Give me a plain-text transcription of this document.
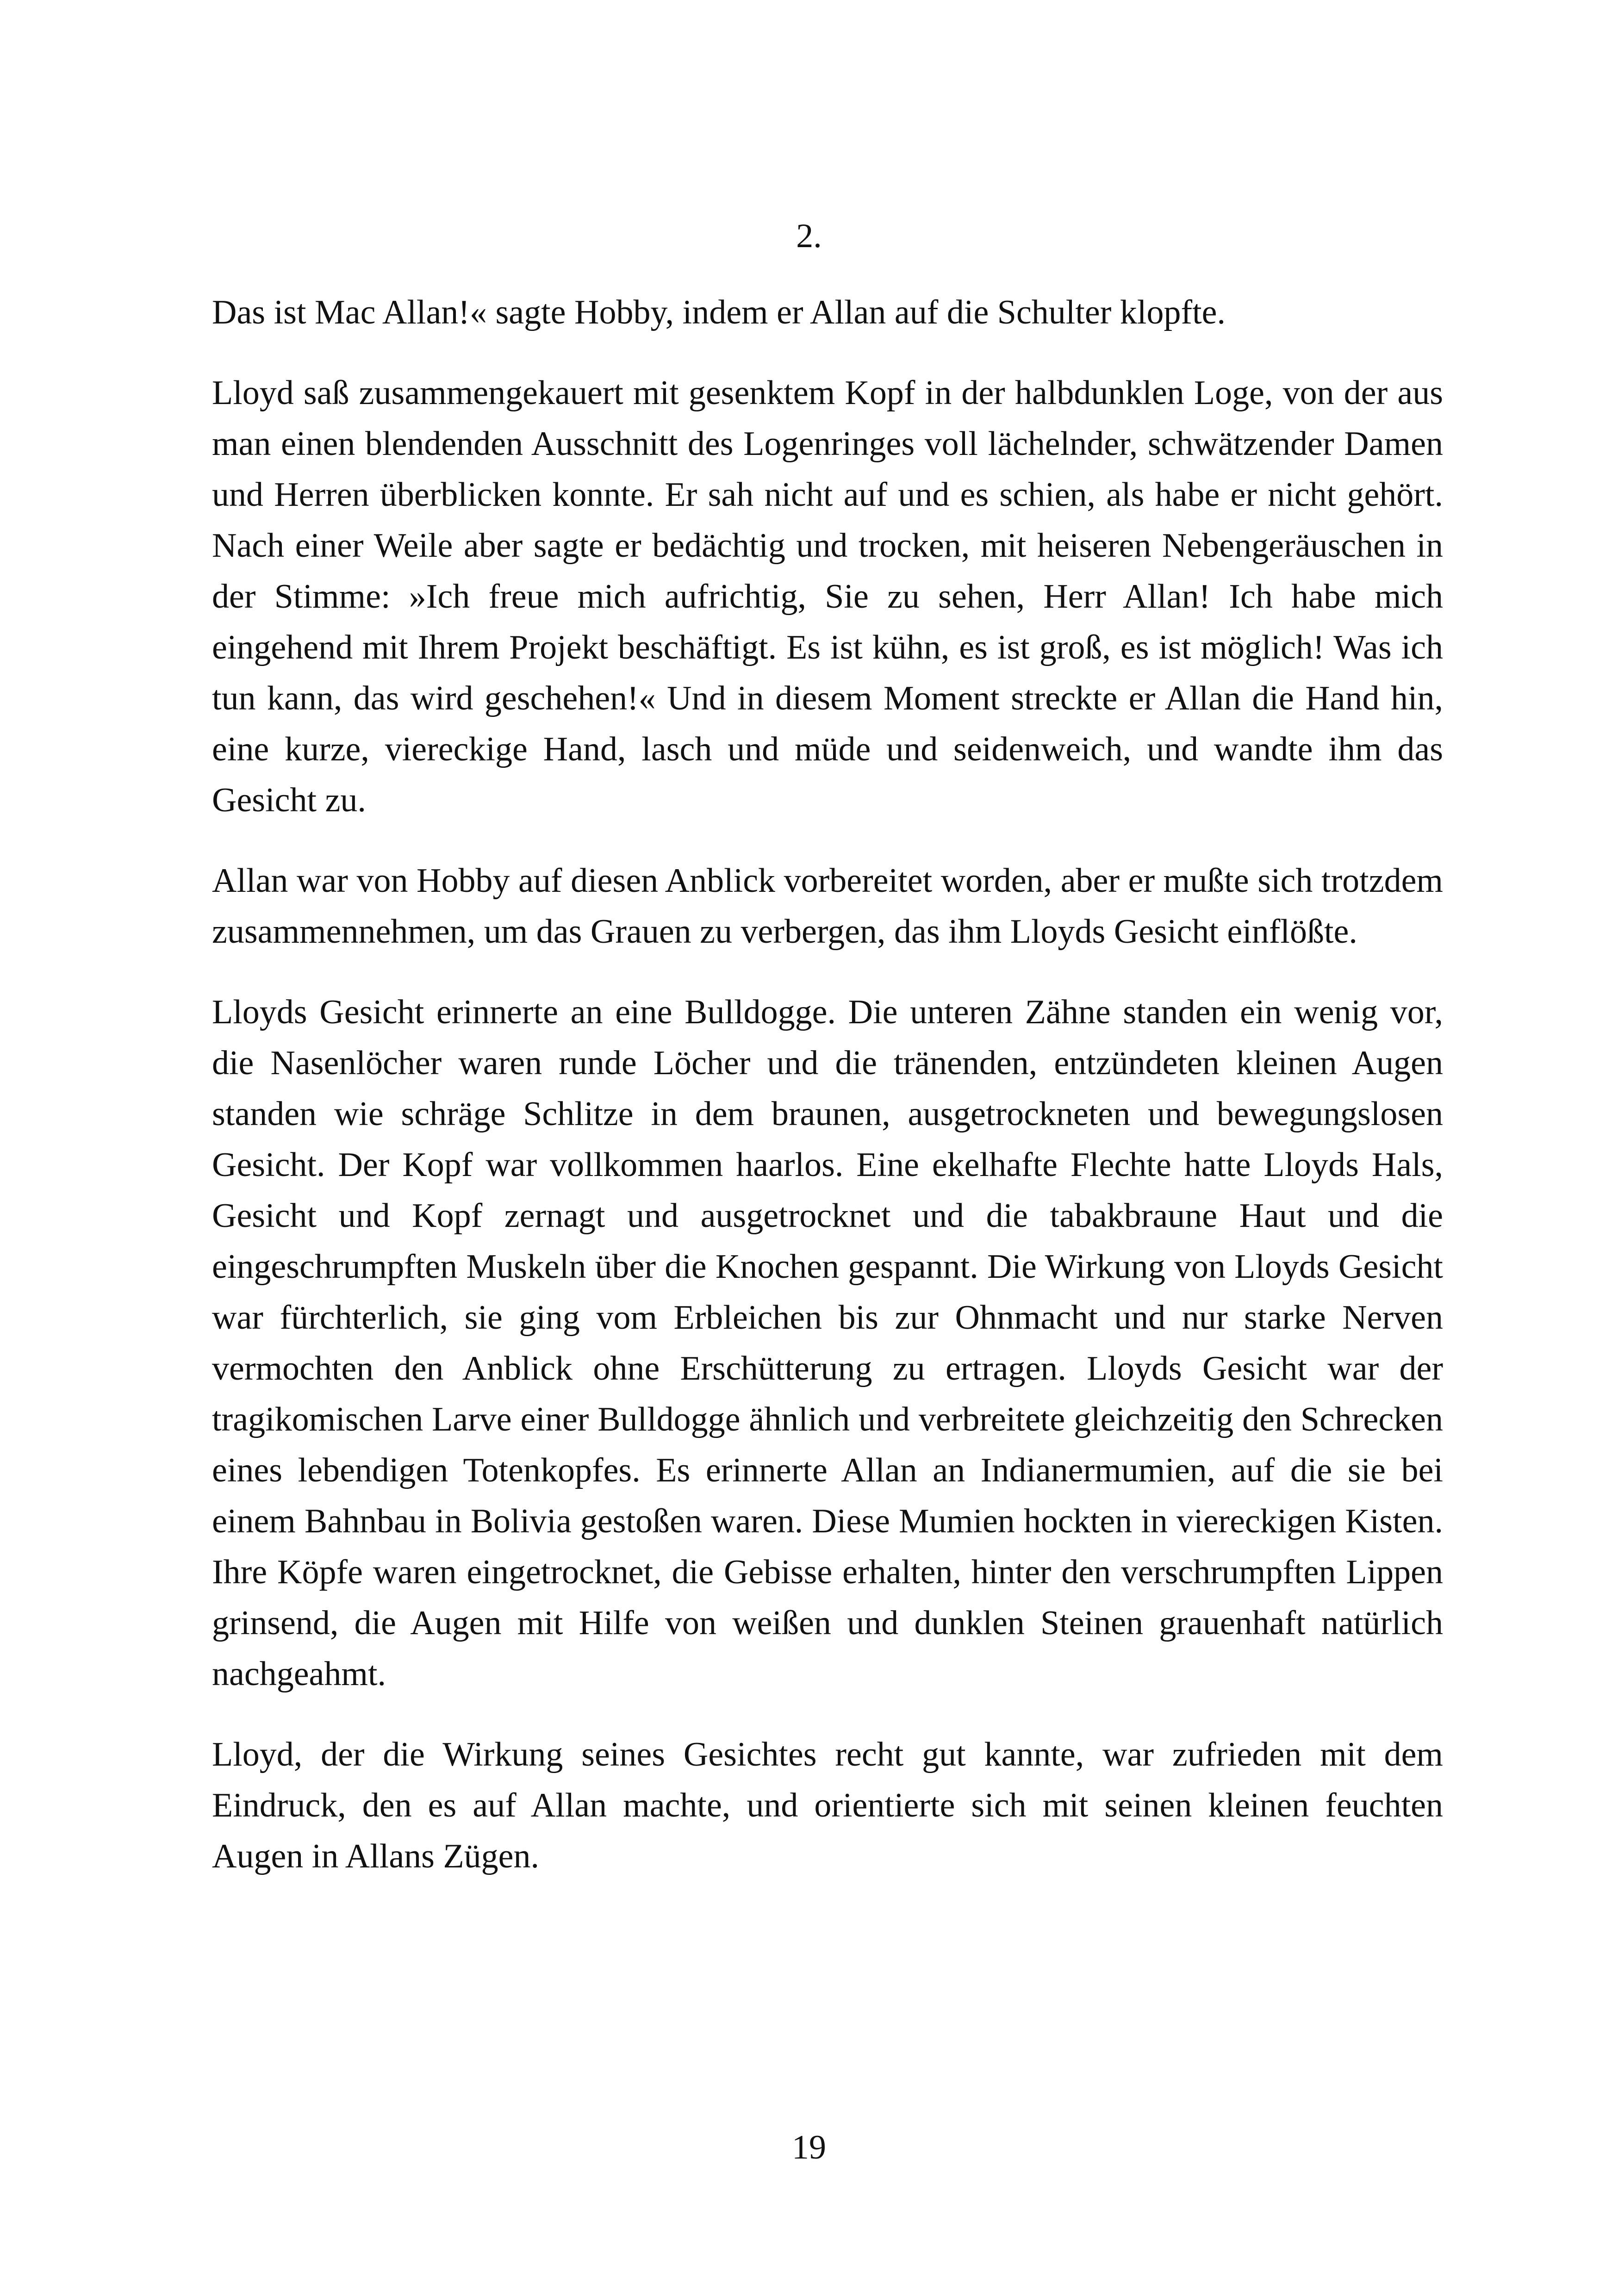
2.

Das ist Mac Allan!« sagte Hobby, indem er Allan auf die Schulter klopfte.

Lloyd saß zusammengekauert mit gesenktem Kopf in der halbdunklen Loge, von der aus man einen blendenden Ausschnitt des Logenringes voll lächelnder, schwätzender Damen und Herren überblicken konnte. Er sah nicht auf und es schien, als habe er nicht gehört. Nach einer Weile aber sagte er bedächtig und trocken, mit heiseren Nebengeräuschen in der Stimme: »Ich freue mich aufrichtig, Sie zu sehen, Herr Allan! Ich habe mich eingehend mit Ihrem Projekt beschäftigt. Es ist kühn, es ist groß, es ist möglich! Was ich tun kann, das wird geschehen!« Und in diesem Moment streckte er Allan die Hand hin, eine kurze, viereckige Hand, lasch und müde und seidenweich, und wandte ihm das Gesicht zu.

Allan war von Hobby auf diesen Anblick vorbereitet worden, aber er mußte sich trotzdem zusammennehmen, um das Grauen zu verbergen, das ihm Lloyds Gesicht einflößte.

Lloyds Gesicht erinnerte an eine Bulldogge. Die unteren Zähne standen ein wenig vor, die Nasenlöcher waren runde Löcher und die tränenden, entzündeten kleinen Augen standen wie schräge Schlitze in dem braunen, ausgetrockneten und bewegungslosen Gesicht. Der Kopf war vollkommen haarlos. Eine ekelhafte Flechte hatte Lloyds Hals, Gesicht und Kopf zernagt und ausgetrocknet und die tabakbraune Haut und die eingeschrumpften Muskeln über die Knochen gespannt. Die Wirkung von Lloyds Gesicht war fürchterlich, sie ging vom Erbleichen bis zur Ohnmacht und nur starke Nerven vermochten den Anblick ohne Erschütterung zu ertragen. Lloyds Gesicht war der tragikomischen Larve einer Bulldogge ähnlich und verbreitete gleichzeitig den Schrecken eines lebendigen Totenkopfes. Es erinnerte Allan an Indianermumien, auf die sie bei einem Bahnbau in Bolivia gestoßen waren. Diese Mumien hockten in viereckigen Kisten. Ihre Köpfe waren eingetrocknet, die Gebisse erhalten, hinter den verschrumpften Lippen grinsend, die Augen mit Hilfe von weißen und dunklen Steinen grauenhaft natürlich nachgeahmt.

Lloyd, der die Wirkung seines Gesichtes recht gut kannte, war zufrieden mit dem Eindruck, den es auf Allan machte, und orientierte sich mit seinen kleinen feuchten Augen in Allans Zügen.

19
